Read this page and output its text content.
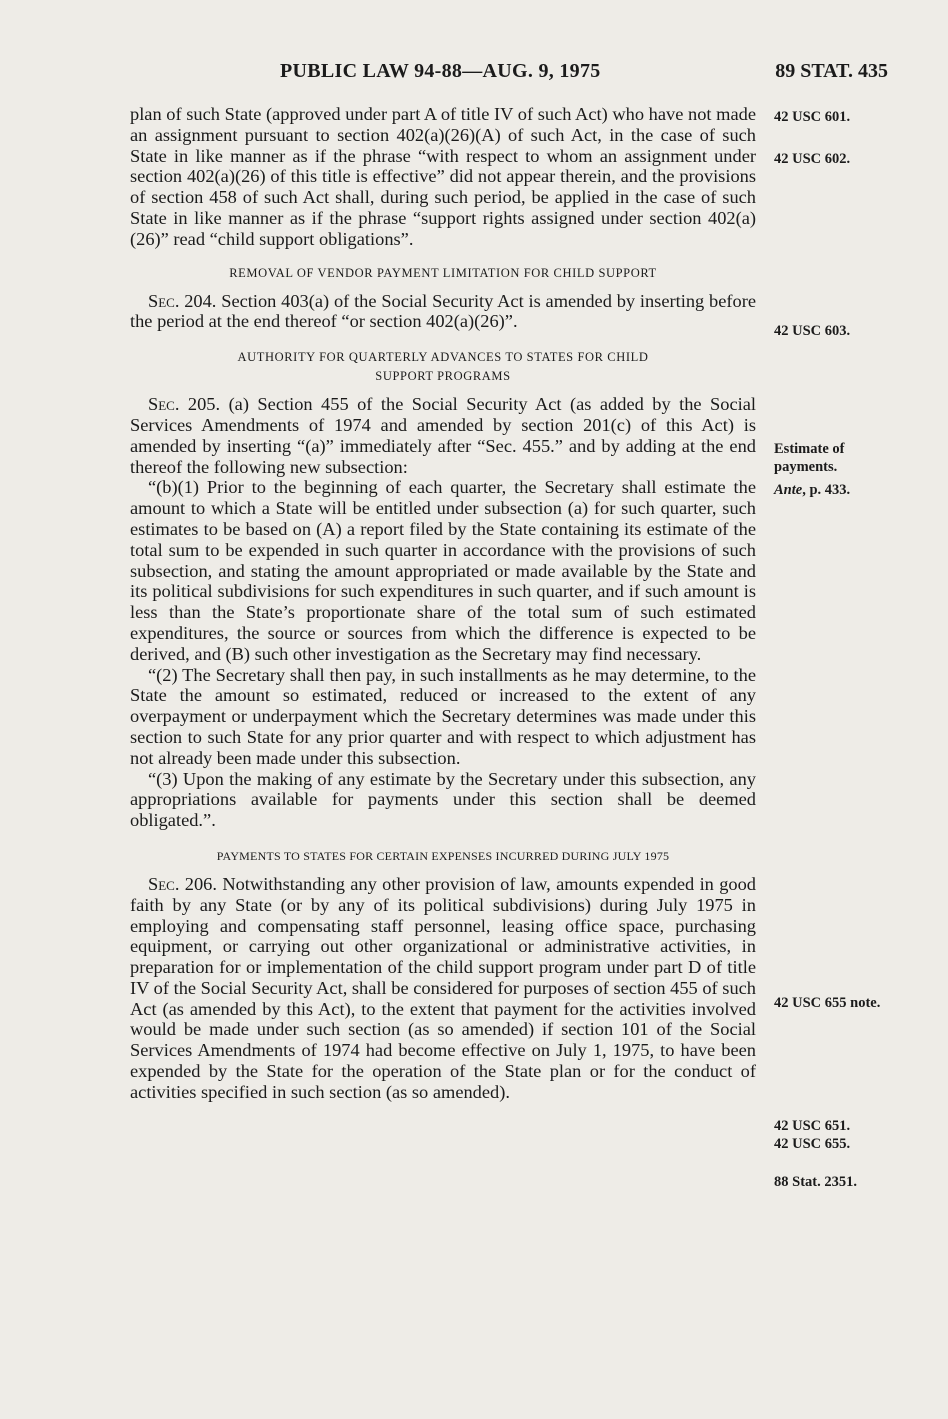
PUBLIC LAW 94-88—AUG. 9, 1975	89 STAT. 435

plan of such State (approved under part A of title IV of such Act) who have not made an assignment pursuant to section 402(a)(26)(A) of such Act, in the case of such State in like manner as if the phrase “with respect to whom an assignment under section 402(a)(26) of this title is effective” did not appear therein, and the provisions of section 458 of such Act shall, during such period, be applied in the case of such State in like manner as if the phrase “support rights assigned under section 402(a)(26)” read “child support obligations”.

REMOVAL OF VENDOR PAYMENT LIMITATION FOR CHILD SUPPORT

Sec. 204. Section 403(a) of the Social Security Act is amended by inserting before the period at the end thereof “or section 402(a)(26)”.

AUTHORITY FOR QUARTERLY ADVANCES TO STATES FOR CHILD

SUPPORT PROGRAMS

Sec. 205. (a) Section 455 of the Social Security Act (as added by the Social Services Amendments of 1974 and amended by section 201(c) of this Act) is amended by inserting “(a)” immediately after “Sec. 455.” and by adding at the end thereof the following new subsection:

“(b)(1) Prior to the beginning of each quarter, the Secretary shall estimate the amount to which a State will be entitled under subsection (a) for such quarter, such estimates to be based on (A) a report filed by the State containing its estimate of the total sum to be expended in such quarter in accordance with the provisions of such subsection, and stating the amount appropriated or made available by the State and its political subdivisions for such expenditures in such quarter, and if such amount is less than the State’s proportionate share of the total sum of such estimated expenditures, the source or sources from which the difference is expected to be derived, and (B) such other investigation as the Secretary may find necessary.

“(2) The Secretary shall then pay, in such installments as he may determine, to the State the amount so estimated, reduced or increased to the extent of any overpayment or underpayment which the Secretary determines was made under this section to such State for any prior quarter and with respect to which adjustment has not already been made under this subsection.

“(3) Upon the making of any estimate by the Secretary under this subsection, any appropriations available for payments under this section shall be deemed obligated.”.

PAYMENTS TO STATES FOR CERTAIN EXPENSES INCURRED DURING JULY 1975

Sec. 206. Notwithstanding any other provision of law, amounts expended in good faith by any State (or by any of its political subdivisions) during July 1975 in employing and compensating staff personnel, leasing office space, purchasing equipment, or carrying out other organizational or administrative activities, in preparation for or implementation of the child support program under part D of title IV of the Social Security Act, shall be considered for purposes of section 455 of such Act (as amended by this Act), to the extent that payment for the activities involved would be made under such section (as so amended) if section 101 of the Social Services Amendments of 1974 had become effective on July 1, 1975, to have been expended by the State for the operation of the State plan or for the conduct of activities specified in such section (as so amended).

42 USC 601.
42 USC 602.
42 USC 603.
Estimate of
payments.
Ante, p. 433.
42 USC 655 note.
42 USC 651.
42 USC 655.
88 Stat. 2351.
